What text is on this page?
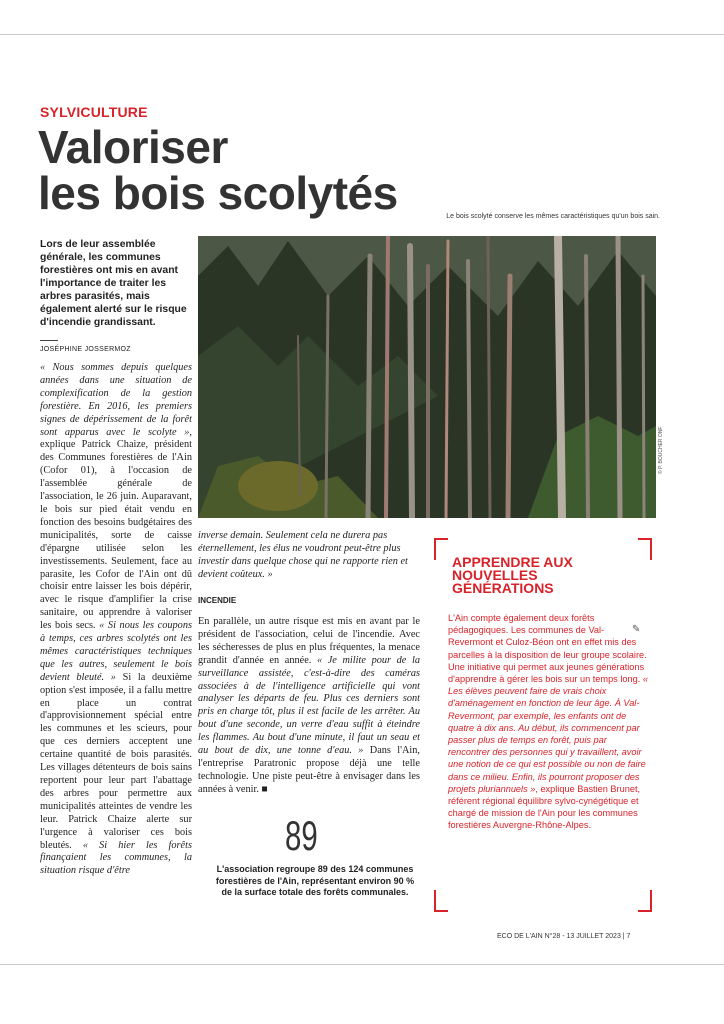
SYLVICULTURE
Valoriser
les bois scolytés	Le bois scolyté conserve les mêmes caractéristiques qu'un bois sain.
© P. BOUCHER ONF
Lors de leur assemblée générale, les communes forestières ont mis en avant l'importance de traiter les arbres parasités, mais également alerté sur le risque d'incendie grandissant.
JOSÉPHINE JOSSERMOZ
« Nous sommes depuis quelques années dans une situation de complexification de la gestion forestière. En 2016, les premiers signes de dépérissement de la forêt sont apparus avec le scolyte », explique Patrick Chaize, président des Communes forestières de l'Ain (Cofor 01), à l'occasion de l'assemblée générale de l'association, le 26 juin. Auparavant, le bois sur pied était vendu en fonction des besoins budgétaires des municipalités, sorte de caisse d'épargne utilisée selon les investissements. Seulement, face au parasite, les Cofor de l'Ain ont dû choisir entre laisser les bois dépérir, avec le risque d'amplifier la crise sanitaire, ou apprendre à valoriser les bois secs. « Si nous les coupons à temps, ces arbres scolytés ont les mêmes caractéristiques techniques que les autres, seulement le bois devient bleuté. » Si la deuxième option s'est imposée, il a fallu mettre en place un contrat d'approvisionnement spécial entre les communes et les scieurs, pour que ces derniers acceptent une certaine quantité de bois parasités. Les villages détenteurs de bois sains reportent pour leur part l'abattage des arbres pour permettre aux municipalités atteintes de vendre les leur. Patrick Chaize alerte sur l'urgence à valoriser ces bois bleutés. « Si hier les forêts finançaient les communes, la situation risque d'être
inverse demain. Seulement cela ne durera pas éternellement, les élus ne voudront peut-être plus investir dans quelque chose qui ne rapporte rien et devient coûteux. »
INCENDIE
En parallèle, un autre risque est mis en avant par le président de l'association, celui de l'incendie. Avec les sécheresses de plus en plus fréquentes, la menace grandit d'année en année. « Je milite pour de la surveillance assistée, c'est-à-dire des caméras associées à de l'intelligence artificielle qui vont analyser les départs de feu. Plus ces derniers sont pris en charge tôt, plus il est facile de les arrêter. Au bout d'une seconde, un verre d'eau suffit à éteindre les flammes. Au bout d'une minute, il faut un seau et au bout de dix, une tonne d'eau. » Dans l'Ain, l'entreprise Paratronic propose déjà une telle technologie. Une piste peut-être à envisager dans les années à venir. ■
89
L'association regroupe 89 des 124 communes forestières de l'Ain, représentant environ 90 % de la surface totale des forêts communales.
APPRENDRE AUX NOUVELLES GÉNÉRATIONS
L'Ain compte également deux forêts pédagogiques. Les communes de Val-Revermont et Culoz-Béon ont en effet mis des parcelles à la disposition de leur groupe scolaire. Une initiative qui permet aux jeunes générations d'apprendre à gérer les bois sur un temps long. « Les élèves peuvent faire de vrais choix d'aménagement en fonction de leur âge. À Val-Revermont, par exemple, les enfants ont de quatre à dix ans. Au début, ils commencent par passer plus de temps en forêt, puis par rencontrer des personnes qui y travaillent, avoir une notion de ce qui est possible ou non de faire dans ce milieu. Enfin, ils pourront proposer des projets pluriannuels », explique Bastien Brunet, référent régional équilibre sylvo-cynégétique et chargé de mission de l'Ain pour les communes forestières Auvergne-Rhône-Alpes.
✎
ECO DE L'AIN N°28 - 13 JUILLET 2023 | 7
